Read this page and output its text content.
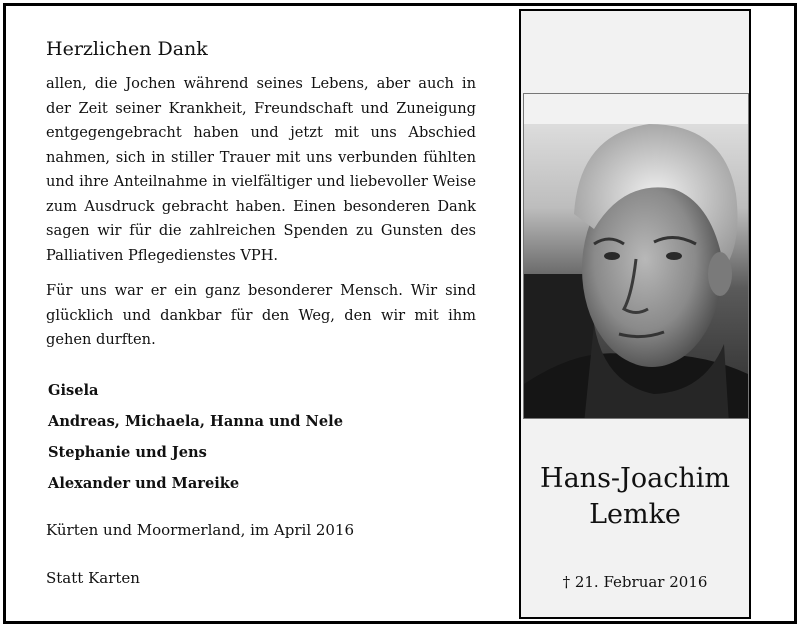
Herzlichen Dank

allen, die Jochen während seines Lebens, aber auch in der Zeit seiner Krankheit, Freundschaft und Zuneigung entgegengebracht haben und jetzt mit uns Abschied nahmen, sich in stiller Trauer mit uns verbunden fühlten und ihre Anteilnahme in vielfältiger und liebevoller Weise zum Ausdruck gebracht haben. Einen besonderen Dank sagen wir für die zahlreichen Spenden zu Gunsten des Palliativen Pflegedienstes VPH.

Für uns war er ein ganz besonderer Mensch. Wir sind glücklich und dankbar für den Weg, den wir mit ihm gehen durften.

Gisela
Andreas, Michaela, Hanna und Nele
Stephanie und Jens
Alexander und Mareike
Kürten und Moormerland, im April 2016
Statt Karten
Hans-Joachim
Lemke
† 21. Februar 2016
